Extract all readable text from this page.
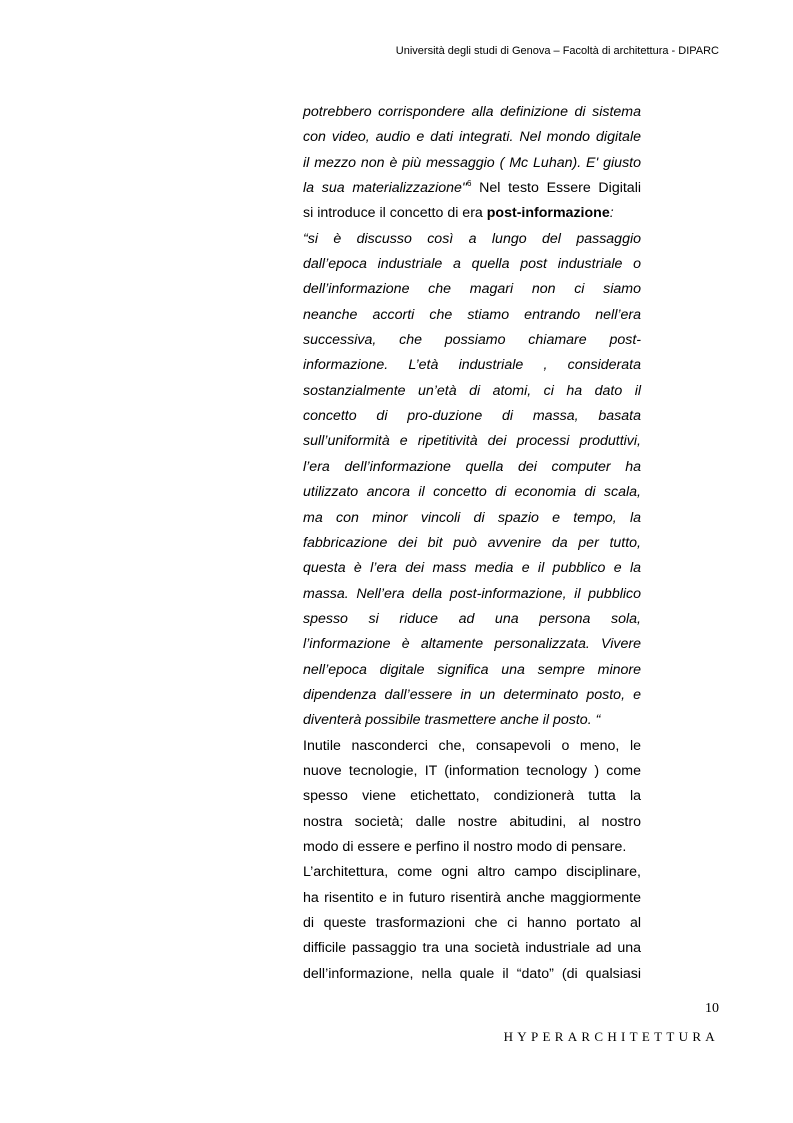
Università degli studi di Genova – Facoltà di architettura - DIPARC
potrebbero corrispondere alla definizione di sistema
con video, audio e dati integrati. Nel mondo digitale
il mezzo non è più messaggio ( Mc Luhan). E' giusto
la sua materializzazione"$^6$ Nel testo Essere Digitali
si introduce il concetto di era post-informazione:
“si è discusso così a lungo del passaggio
dall’epoca industriale a quella post industriale o
dell’informazione che magari non ci siamo
neanche accorti che stiamo entrando nell’era
successiva, che possiamo chiamare post-
informazione. L’età industriale , considerata
sostanzialmente un’età di atomi, ci ha dato il
concetto di pro-duzione di massa, basata
sull’uniformità e ripetitività dei processi produttivi,
l’era dell’informazione quella dei computer ha
utilizzato ancora il concetto di economia di scala,
ma con minor vincoli di spazio e tempo, la
fabbricazione dei bit può avvenire da per tutto,
questa è l’era dei mass media e il pubblico e la
massa. Nell’era della post-informazione, il pubblico
spesso si riduce ad una persona sola,
l’informazione è altamente personalizzata. Vivere
nell’epoca digitale significa una sempre minore
dipendenza dall’essere in un determinato posto, e
diventerà possibile trasmettere anche il posto. “
Inutile nasconderci che, consapevoli o meno, le
nuove tecnologie, IT (information tecnology ) come
spesso viene etichettato, condizionerà tutta la
nostra società; dalle nostre abitudini, al nostro
modo di essere e perfino il nostro modo di pensare.
L’architettura, come ogni altro campo disciplinare,
ha risentito e in futuro risentirà anche maggiormente
di queste trasformazioni che ci hanno portato al
difficile passaggio tra una società industriale ad una
dell’informazione, nella quale il “dato” (di qualsiasi
10
HYPERARCHITETTURA
